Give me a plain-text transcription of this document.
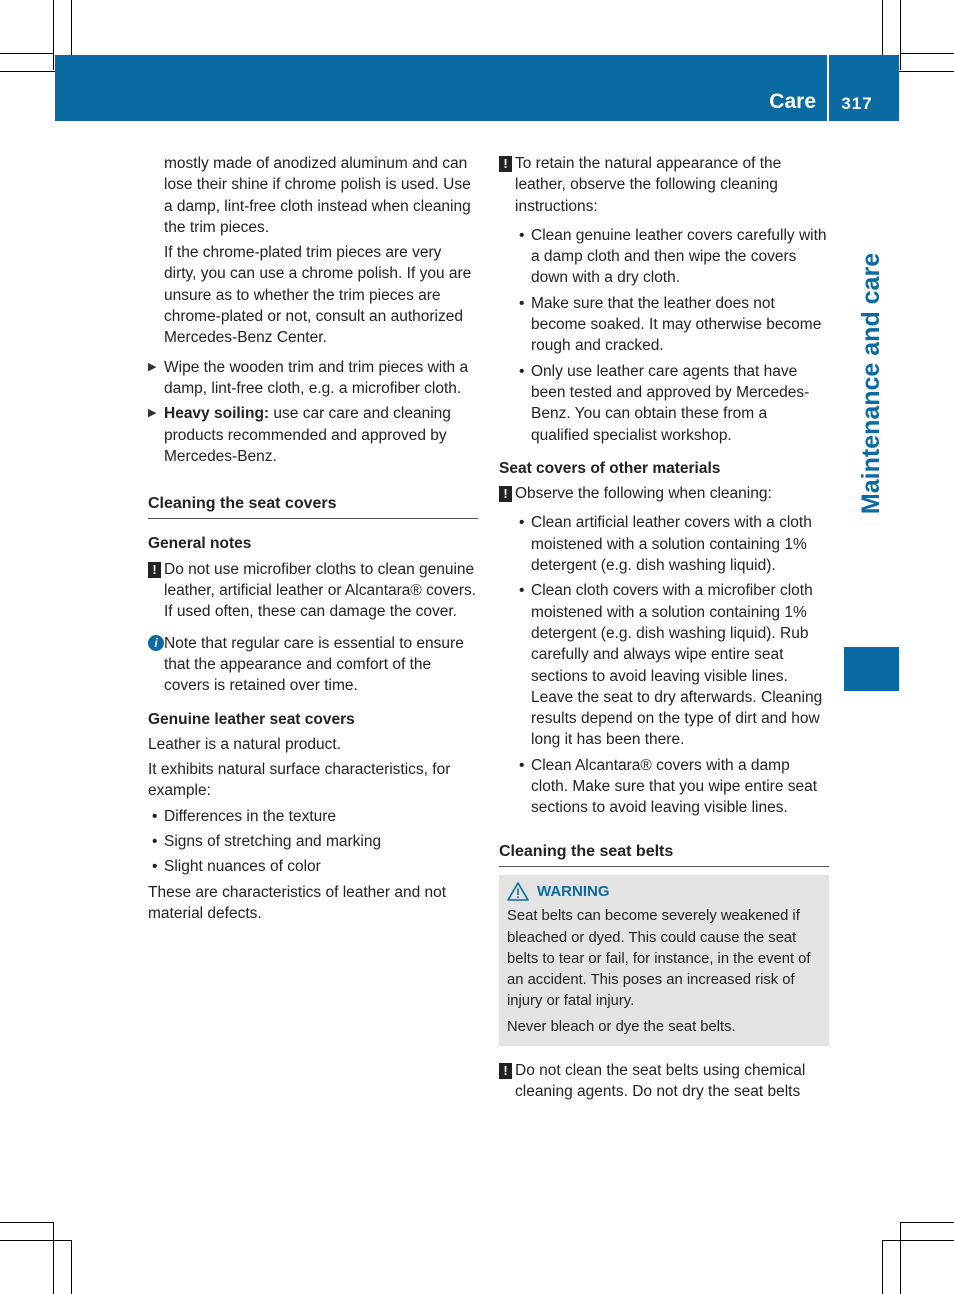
Care	317
Maintenance and care

mostly made of anodized aluminum and can lose their shine if chrome polish is used. Use a damp, lint-free cloth instead when cleaning the trim pieces.

If the chrome-plated trim pieces are very dirty, you can use a chrome polish. If you are unsure as to whether the trim pieces are chrome-plated or not, consult an authorized Mercedes-Benz Center.

▶ Wipe the wooden trim and trim pieces with a damp, lint-free cloth, e.g. a microfiber cloth.
▶ Heavy soiling: use car care and cleaning products recommended and approved by Mercedes-Benz.
Cleaning the seat covers
General notes
! Do not use microfiber cloths to clean genuine leather, artificial leather or Alcantara® covers. If used often, these can damage the cover.
i Note that regular care is essential to ensure that the appearance and comfort of the covers is retained over time.
Genuine leather seat covers

Leather is a natural product.

It exhibits natural surface characteristics, for example:

• Differences in the texture
• Signs of stretching and marking
• Slight nuances of color

These are characteristics of leather and not material defects.

! To retain the natural appearance of the leather, observe the following cleaning instructions:
• Clean genuine leather covers carefully with a damp cloth and then wipe the covers down with a dry cloth.
• Make sure that the leather does not become soaked. It may otherwise become rough and cracked.
• Only use leather care agents that have been tested and approved by Mercedes-Benz. You can obtain these from a qualified specialist workshop.
Seat covers of other materials
! Observe the following when cleaning:
• Clean artificial leather covers with a cloth moistened with a solution containing 1% detergent (e.g. dish washing liquid).
• Clean cloth covers with a microfiber cloth moistened with a solution containing 1% detergent (e.g. dish washing liquid). Rub carefully and always wipe entire seat sections to avoid leaving visible lines. Leave the seat to dry afterwards. Cleaning results depend on the type of dirt and how long it has been there.
• Clean Alcantara® covers with a damp cloth. Make sure that you wipe entire seat sections to avoid leaving visible lines.
Cleaning the seat belts
WARNING

Seat belts can become severely weakened if bleached or dyed. This could cause the seat belts to tear or fail, for instance, in the event of an accident. This poses an increased risk of injury or fatal injury.

Never bleach or dye the seat belts.

! Do not clean the seat belts using chemical cleaning agents. Do not dry the seat belts
